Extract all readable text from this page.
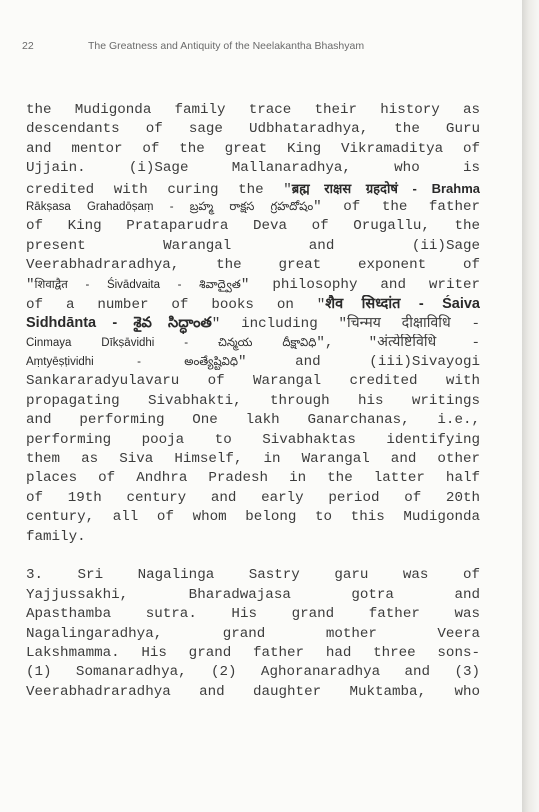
22	The Greatness and Antiquity of the Neelakantha Bhashyam
the Mudigonda family trace their history as
descendants of sage Udbhataradhya, the Guru
and mentor of the great King Vikramaditya of
Ujjain. (i)Sage Mallanaradhya, who is
credited with curing the "ब्रह्म राक्षस ग्रहदोषं - Brahma
Rākṣasa Grahadōṣaṃ - బ్రహ్మ రాక్షస గ్రహదోషం" of the father
of King Prataparudra Deva of Orugallu, the
present Warangal and (ii)Sage
Veerabhadraradhya, the great exponent of
"शिवाद्वैत - Śivādvaita - శివాద్వైత" philosophy and writer
of a number of books on "शैव सिध्दांत - Śaiva
Sidhdānta - శైవ సిద్ధాంత" including "चिन्मय दीक्षाविधि -
Cinmaya Dīkṣāvidhi - చిన్మయ దీక్షావిధి", "अंत्येष्टिविधि -
Aṃtyēṣṭividhi - అంత్యేష్టివిధి" and (iii)Sivayogi
Sankararadyulavaru of Warangal credited with
propagating Sivabhakti, through his writings
and performing One lakh Ganarchanas, i.e.,
performing pooja to Sivabhaktas identifying
them as Siva Himself, in Warangal and other
places of Andhra Pradesh in the latter half
of 19th century and early period of 20th
century, all of whom belong to this Mudigonda
family.
3. Sri Nagalinga Sastry garu was of
Yajjussakhi, Bharadwajasa gotra and
Apasthamba sutra. His grand father was
Nagalingaradhya, grand mother Veera
Lakshmamma. His grand father had three sons-
(1) Somanaradhya, (2) Aghoranaradhya and (3)
Veerabhadraradhya and daughter Muktamba, who
